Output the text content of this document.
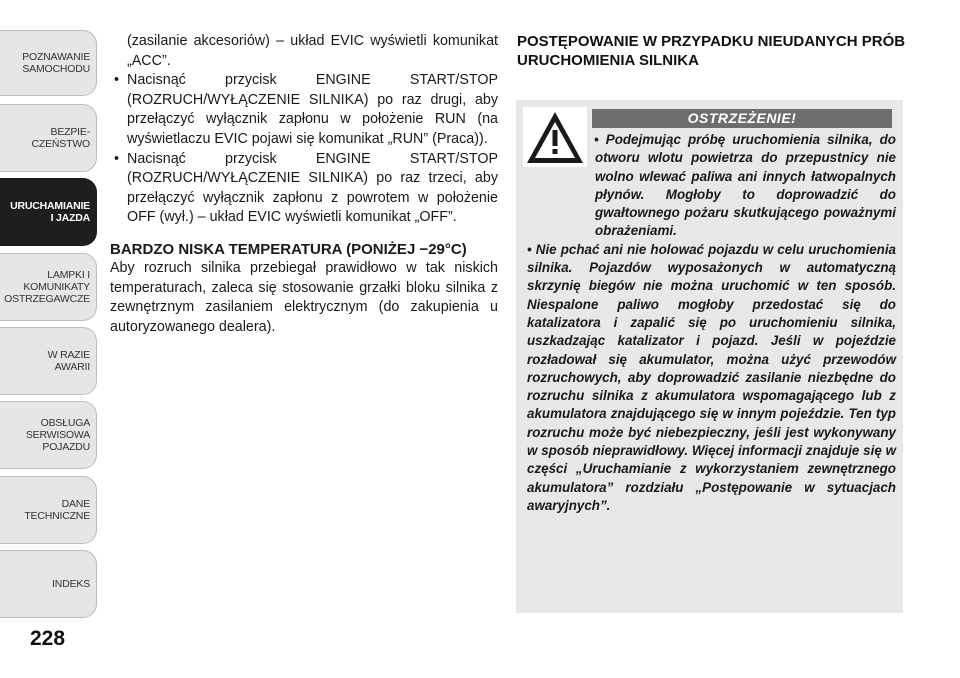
POZNAWANIE
SAMOCHODU
BEZPIE-
CZEŃSTWO
URUCHAMIANIE
I JAZDA
LAMPKI I
KOMUNIKATY
OSTRZEGAWCZE
W RAZIE
AWARII
OBSŁUGA
SERWISOWA
POJAZDU
DANE
TECHNICZNE
INDEKS
228

(zasilanie akcesoriów) – układ EVIC wyświetli komunikat „ACC”.

• Nacisnąć przycisk ENGINE START/STOP (ROZRUCH/WYŁĄCZENIE SILNIKA) po raz drugi, aby przełączyć wyłącznik zapłonu w położenie RUN (na wyświetlaczu EVIC pojawi się komunikat „RUN” (Praca)).

• Nacisnąć przycisk ENGINE START/STOP (ROZRUCH/WYŁĄCZENIE SILNIKA) po raz trzeci, aby przełączyć wyłącznik zapłonu z powrotem w położenie OFF (wył.) – układ EVIC wyświetli komunikat „OFF”.

BARDZO NISKA TEMPERATURA (PONIŻEJ −29°C)

Aby rozruch silnika przebiegał prawidłowo w tak niskich temperaturach, zaleca się stosowanie grzałki bloku silnika z zewnętrznym zasilaniem elektrycznym (do zakupienia u autoryzowanego dealera).

POSTĘPOWANIE W PRZYPADKU NIEUDANYCH PRÓB URUCHOMIENIA SILNIKA
OSTRZEŻENIE!

• Podejmując próbę uruchomienia silnika, do otworu wlotu powietrza do przepustnicy nie wolno wlewać paliwa ani innych łatwopalnych płynów. Mogłoby to doprowadzić do gwałtownego pożaru skutkującego poważnymi obrażeniami.

• Nie pchać ani nie holować pojazdu w celu uruchomienia silnika. Pojazdów wyposażonych w automatyczną skrzynię biegów nie można uruchomić w ten sposób. Niespalone paliwo mogłoby przedostać się do katalizatora i zapalić się po uruchomieniu silnika, uszkadzając katalizator i pojazd. Jeśli w pojeździe rozładował się akumulator, można użyć przewodów rozruchowych, aby doprowadzić zasilanie niezbędne do rozruchu silnika z akumulatora wspomagającego lub z akumulatora znajdującego się w innym pojeździe. Ten typ rozruchu może być niebezpieczny, jeśli jest wykonywany w sposób nieprawidłowy. Więcej informacji znajduje się w części „Uruchamianie z wykorzystaniem zewnętrznego akumulatora” rozdziału „Postępowanie w sytuacjach awaryjnych”.
